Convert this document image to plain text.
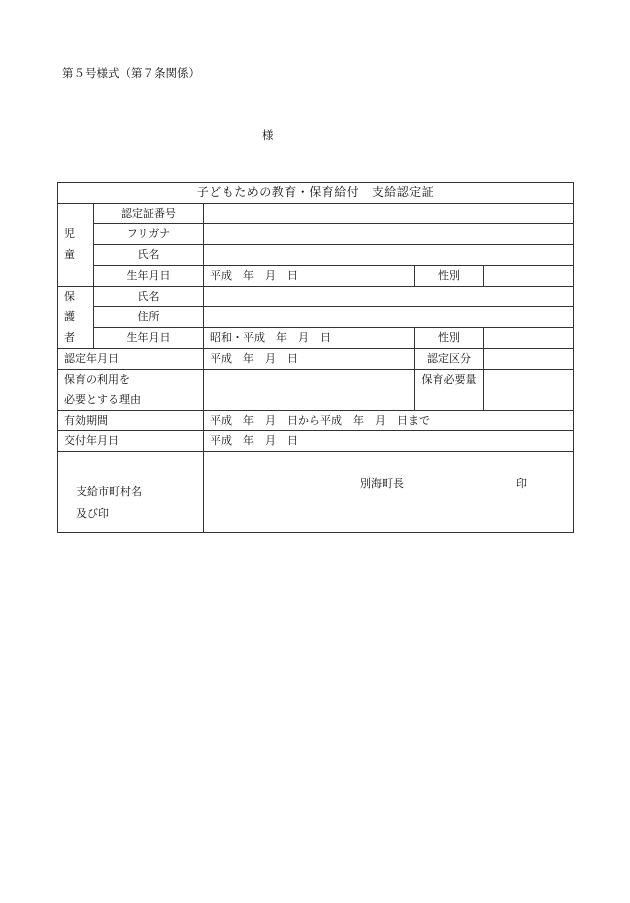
第５号様式（第７条関係）
様
子どもための教育・保育給付　支給認定証				

児
童	認定証番号			
	フリガナ			
	氏名			
	生年月日	平成　年　月　日	性別	

保
護
者	氏名			
	住所			
	生年月日	昭和・平成　年　月　日	性別	
認定年月日		平成　年　月　日	認定区分	

保育の利用を
必要とする理由			保育必要量	
有効期間		平成　年　月　日から平成　年　月　日まで		
交付年月日		平成　年　月　日		

支給市町村名
及び印		別海町長 印		
